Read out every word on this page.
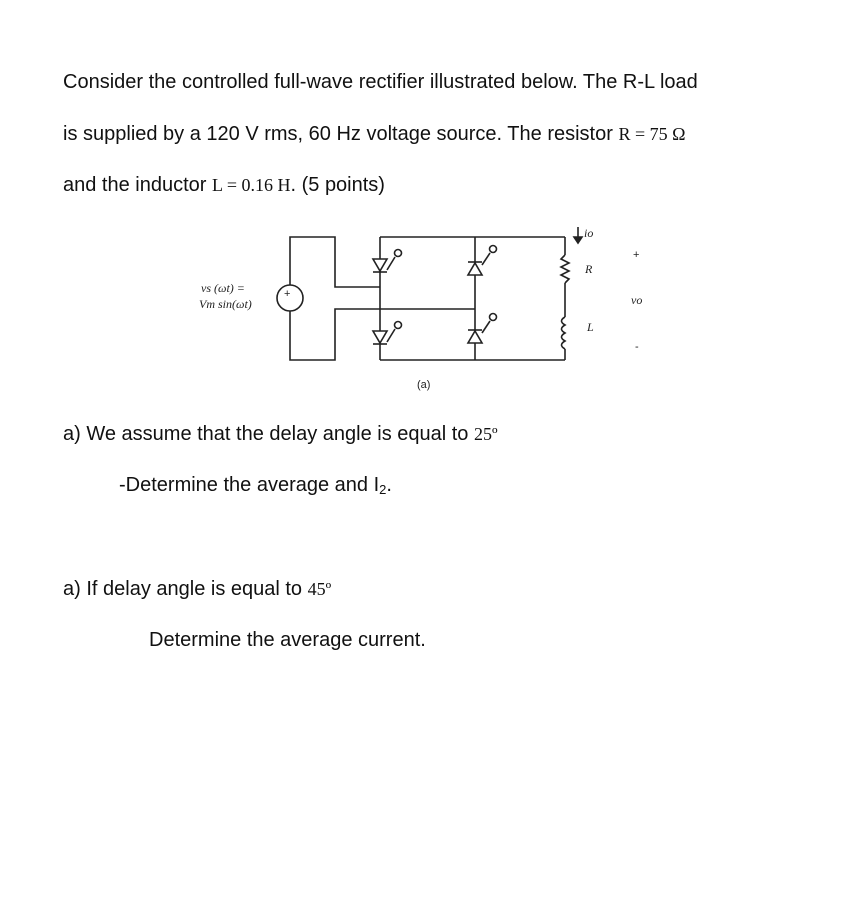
Consider the controlled full-wave rectifier illustrated below. The R-L load
is supplied by a 120 V rms, 60 Hz voltage source. The resistor R = 75 Ω
and the inductor L = 0.16 H. (5 points)
+
vs (ωt) =
Vm sin(ωt)
io
R
L
+
vo
-
(a)
a) We assume that the delay angle is equal to 25º
-Determine the average and $I_2$.
a) If delay angle is equal to 45º
Determine the average current.
